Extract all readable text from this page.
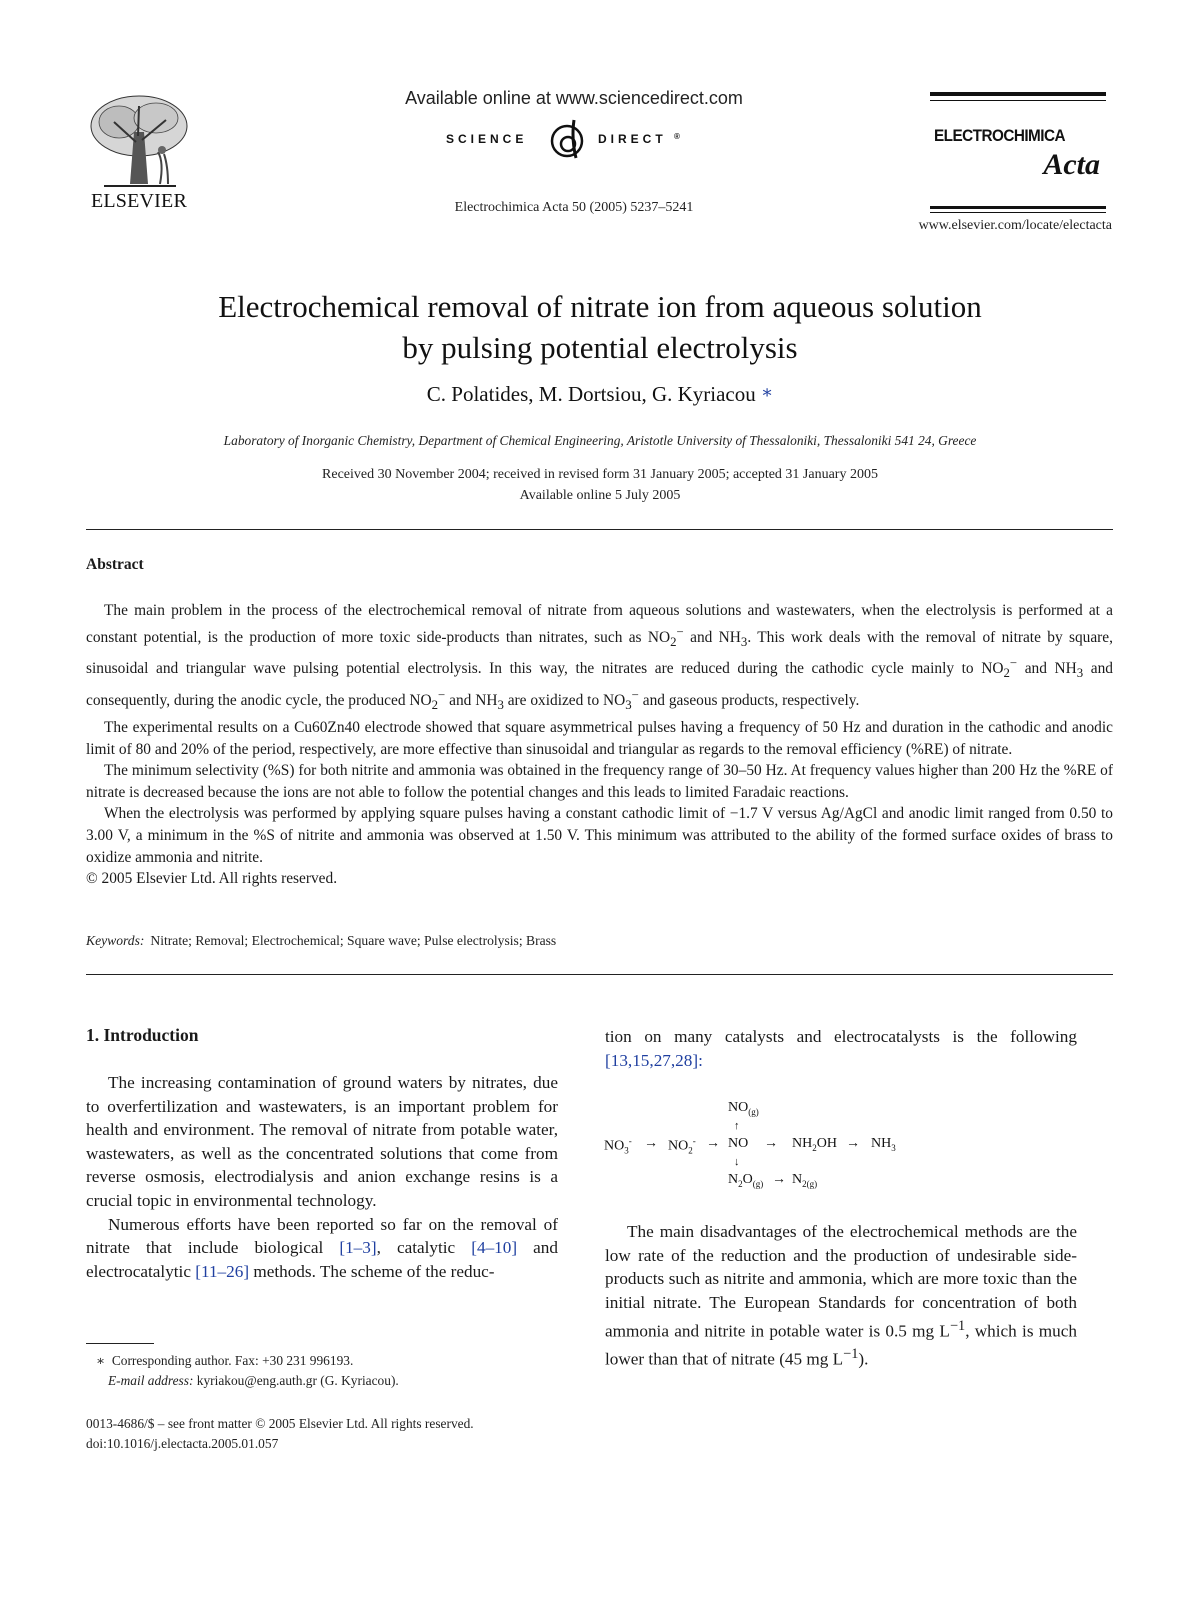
ELSEVIER
Available online at www.sciencedirect.com
SCIENCE	DIRECT ®
Electrochimica Acta 50 (2005) 5237–5241
ELECTROCHIMICA
Acta
www.elsevier.com/locate/electacta
Electrochemical removal of nitrate ion from aqueous solution
by pulsing potential electrolysis
C. Polatides, M. Dortsiou, G. Kyriacou ∗
Laboratory of Inorganic Chemistry, Department of Chemical Engineering, Aristotle University of Thessaloniki, Thessaloniki 541 24, Greece
Received 30 November 2004; received in revised form 31 January 2005; accepted 31 January 2005
Available online 5 July 2005
Abstract

The main problem in the process of the electrochemical removal of nitrate from aqueous solutions and wastewaters, when the electrolysis is performed at a constant potential, is the production of more toxic side-products than nitrates, such as $NO_2^-$ and $NH_3$. This work deals with the removal of nitrate by square, sinusoidal and triangular wave pulsing potential electrolysis. In this way, the nitrates are reduced during the cathodic cycle mainly to $NO_2^-$ and $NH_3$ and consequently, during the anodic cycle, the produced $NO_2^-$ and $NH_3$ are oxidized to $NO_3^-$ and gaseous products, respectively.

The experimental results on a Cu60Zn40 electrode showed that square asymmetrical pulses having a frequency of 50 Hz and duration in the cathodic and anodic limit of 80 and 20% of the period, respectively, are more effective than sinusoidal and triangular as regards to the removal efficiency (%RE) of nitrate.

The minimum selectivity (%S) for both nitrite and ammonia was obtained in the frequency range of 30–50 Hz. At frequency values higher than 200 Hz the %RE of nitrate is decreased because the ions are not able to follow the potential changes and this leads to limited Faradaic reactions.

When the electrolysis was performed by applying square pulses having a constant cathodic limit of −1.7 V versus Ag/AgCl and anodic limit ranged from 0.50 to 3.00 V, a minimum in the %S of nitrite and ammonia was observed at 1.50 V. This minimum was attributed to the ability of the formed surface oxides of brass to oxidize ammonia and nitrite.

© 2005 Elsevier Ltd. All rights reserved.

Keywords: Nitrate; Removal; Electrochemical; Square wave; Pulse electrolysis; Brass
1. Introduction

The increasing contamination of ground waters by nitrates, due to overfertilization and wastewaters, is an important problem for health and environment. The removal of nitrate from potable water, wastewaters, as well as the concentrated solutions that come from reverse osmosis, electrodialysis and anion exchange resins is a crucial topic in environmental technology.

Numerous efforts have been reported so far on the removal of nitrate that include biological [1–3], catalytic [4–10] and electrocatalytic [11–26] methods. The scheme of the reduc-

tion on many catalysts and electrocatalysts is the following [13,15,27,28]:

The main disadvantages of the electrochemical methods are the low rate of the reduction and the production of undesirable side-products such as nitrite and ammonia, which are more toxic than the initial nitrate. The European Standards for concentration of both ammonia and nitrite in potable water is 0.5 mg $L^{-1}$, which is much lower than that of nitrate (45 mg $L^{-1}$).

$NO_{(g)}$
↑
$NO_3^- \to NO_2^-$ → NO → $NH_2OH \to NH_3$
↓
$N_2O_{(g)} \to N_{2(g)}$
∗ Corresponding author. Fax: +30 231 996193.
E-mail address: kyriakou@eng.auth.gr (G. Kyriacou).
0013-4686/$ – see front matter © 2005 Elsevier Ltd. All rights reserved.
doi:10.1016/j.electacta.2005.01.057
